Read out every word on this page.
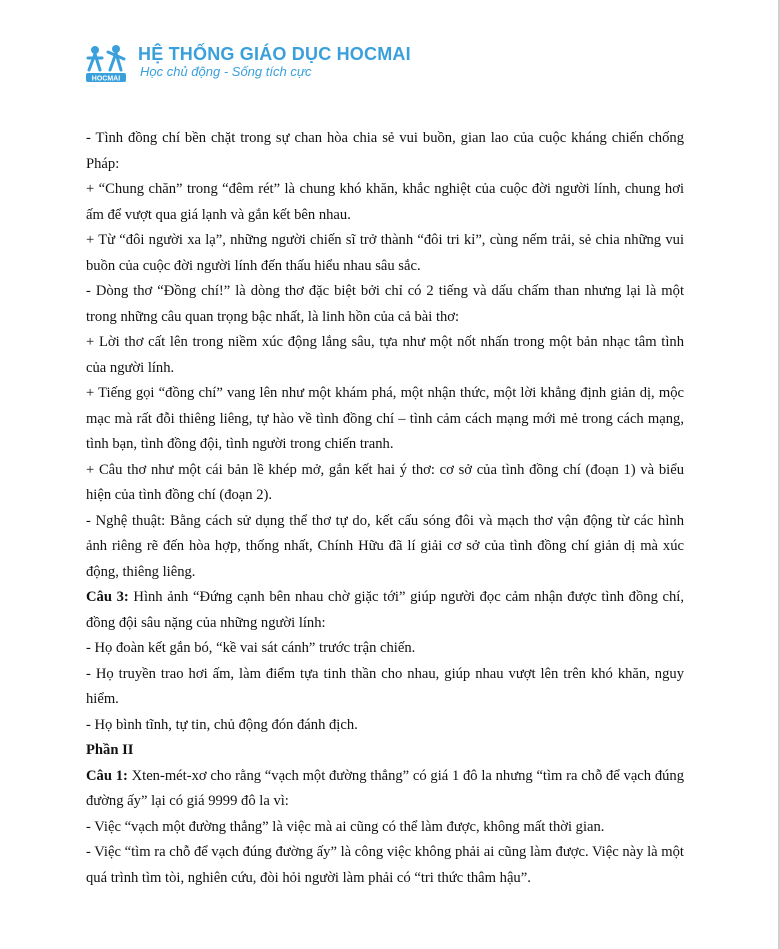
HOCMAI
HỆ THỐNG GIÁO DỤC HOCMAI
Học chủ động - Sống tích cực

- Tình đồng chí bền chặt trong sự chan hòa chia sẻ vui buồn, gian lao của cuộc kháng chiến chống Pháp:

+ “Chung chăn” trong “đêm rét” là chung khó khăn, khắc nghiệt của cuộc đời người lính, chung hơi ấm để vượt qua giá lạnh và gắn kết bên nhau.

+ Từ “đôi người xa lạ”, những người chiến sĩ trở thành “đôi tri kỉ”, cùng nếm trải, sẻ chia những vui buồn của cuộc đời người lính đến thấu hiểu nhau sâu sắc.

- Dòng thơ “Đồng chí!” là dòng thơ đặc biệt bởi chỉ có 2 tiếng và dấu chấm than nhưng lại là một trong những câu quan trọng bậc nhất, là linh hồn của cả bài thơ:

+ Lời thơ cất lên trong niềm xúc động lắng sâu, tựa như một nốt nhấn trong một bản nhạc tâm tình của người lính.

+ Tiếng gọi “đồng chí” vang lên như một khám phá, một nhận thức, một lời khẳng định giản dị, mộc mạc mà rất đỗi thiêng liêng, tự hào về tình đồng chí – tình cảm cách mạng mới mẻ trong cách mạng, tình bạn, tình đồng đội, tình người trong chiến tranh.

+ Câu thơ như một cái bản lề khép mở, gắn kết hai ý thơ: cơ sở của tình đồng chí (đoạn 1) và biểu hiện của tình đồng chí (đoạn 2).

- Nghệ thuật: Bằng cách sử dụng thể thơ tự do, kết cấu sóng đôi và mạch thơ vận động từ các hình ảnh riêng rẽ đến hòa hợp, thống nhất, Chính Hữu đã lí giải cơ sở của tình đồng chí giản dị mà xúc động, thiêng liêng.

Câu 3: Hình ảnh “Đứng cạnh bên nhau chờ giặc tới” giúp người đọc cảm nhận được tình đồng chí, đồng đội sâu nặng của những người lính:

- Họ đoàn kết gắn bó, “kề vai sát cánh” trước trận chiến.

- Họ truyền trao hơi ấm, làm điểm tựa tinh thần cho nhau, giúp nhau vượt lên trên khó khăn, nguy hiểm.

- Họ bình tĩnh, tự tin, chủ động đón đánh địch.

Phần II

Câu 1: Xten-mét-xơ cho rằng “vạch một đường thẳng” có giá 1 đô la nhưng “tìm ra chỗ để vạch đúng đường ấy” lại có giá 9999 đô la vì:

- Việc “vạch một đường thẳng” là việc mà ai cũng có thể làm được, không mất thời gian.

- Việc “tìm ra chỗ để vạch đúng đường ấy” là công việc không phải ai cũng làm được. Việc này là một quá trình tìm tòi, nghiên cứu, đòi hỏi người làm phải có “tri thức thâm hậu”.
